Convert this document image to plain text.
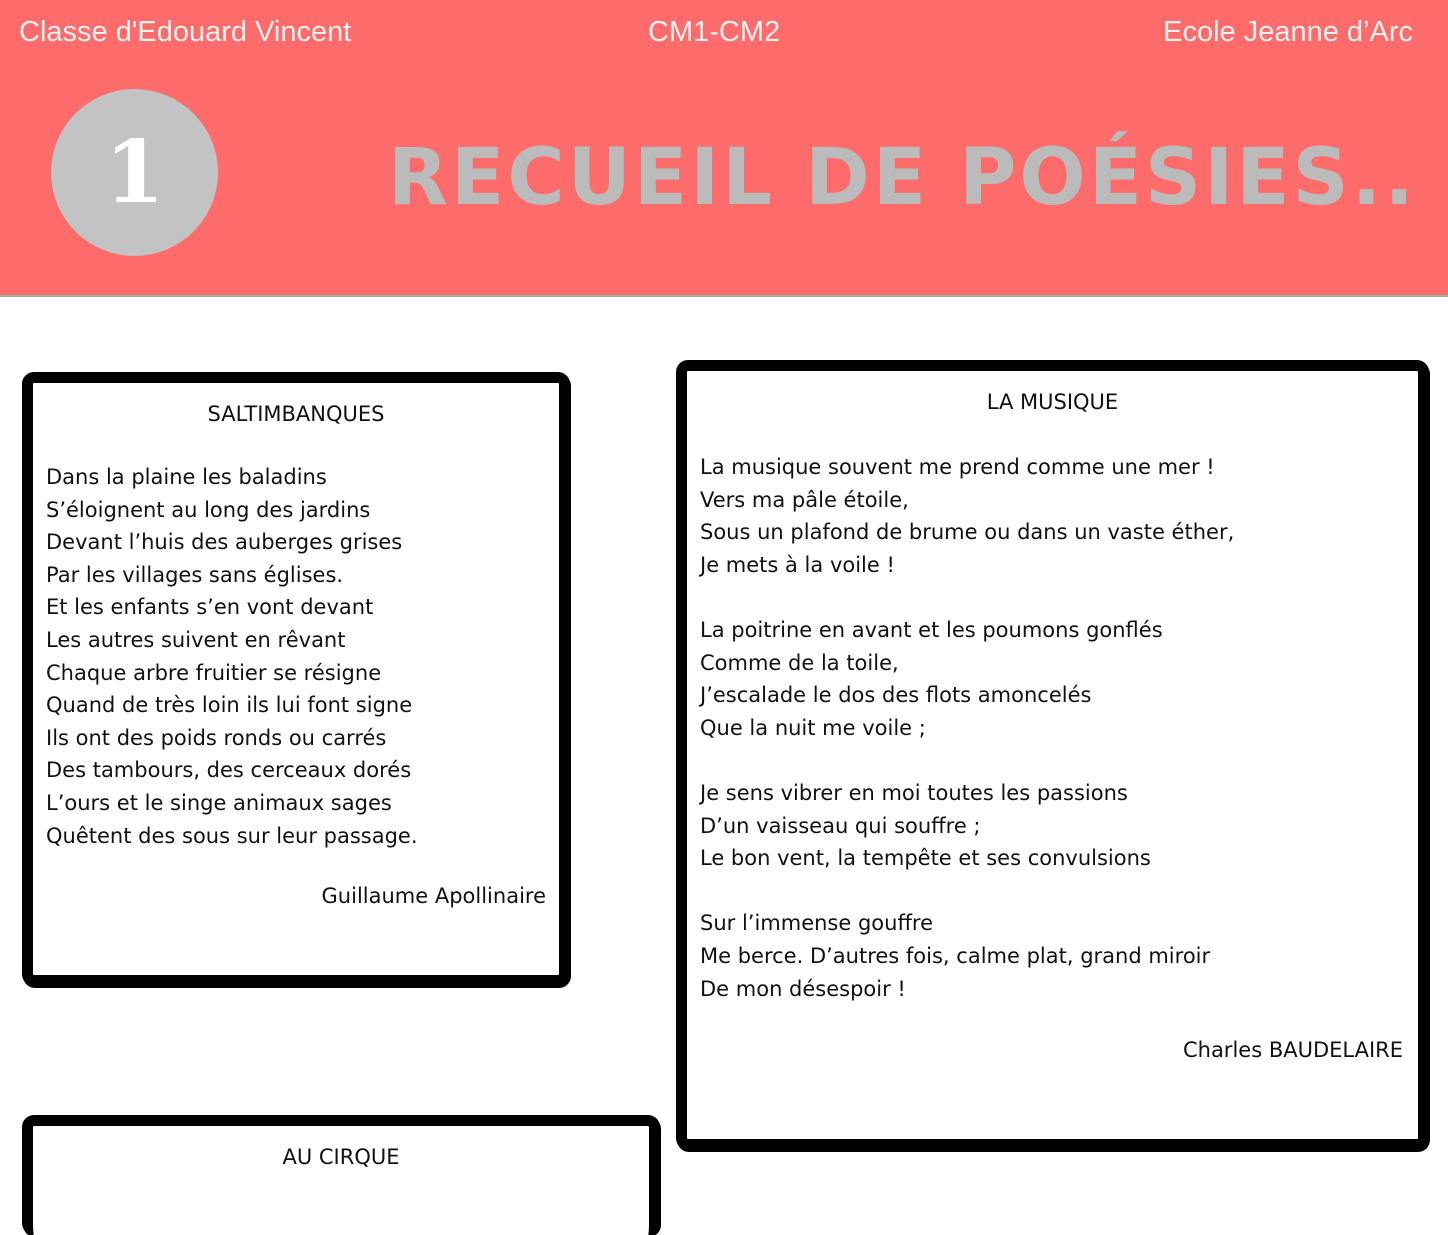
Classe d'Edouard Vincent	CM1-CM2	Ecole Jeanne d’Arc
1	RECUEIL DE POÉSIES..
SALTIMBANQUES
Dans la plaine les baladins
S’éloignent au long des jardins
Devant l’huis des auberges grises
Par les villages sans églises.
Et les enfants s’en vont devant
Les autres suivent en rêvant
Chaque arbre fruitier se résigne
Quand de très loin ils lui font signe
Ils ont des poids ronds ou carrés
Des tambours, des cerceaux dorés
L’ours et le singe animaux sages
Quêtent des sous sur leur passage.
Guillaume Apollinaire
LA MUSIQUE
La musique souvent me prend comme une mer !
Vers ma pâle étoile,
Sous un plafond de brume ou dans un vaste éther,
Je mets à la voile !
La poitrine en avant et les poumons gonflés
Comme de la toile,
J’escalade le dos des flots amoncelés
Que la nuit me voile ;
Je sens vibrer en moi toutes les passions
D’un vaisseau qui souffre ;
Le bon vent, la tempête et ses convulsions
Sur l’immense gouffre
Me berce. D’autres fois, calme plat, grand miroir
De mon désespoir !
Charles BAUDELAIRE
AU CIRQUE
